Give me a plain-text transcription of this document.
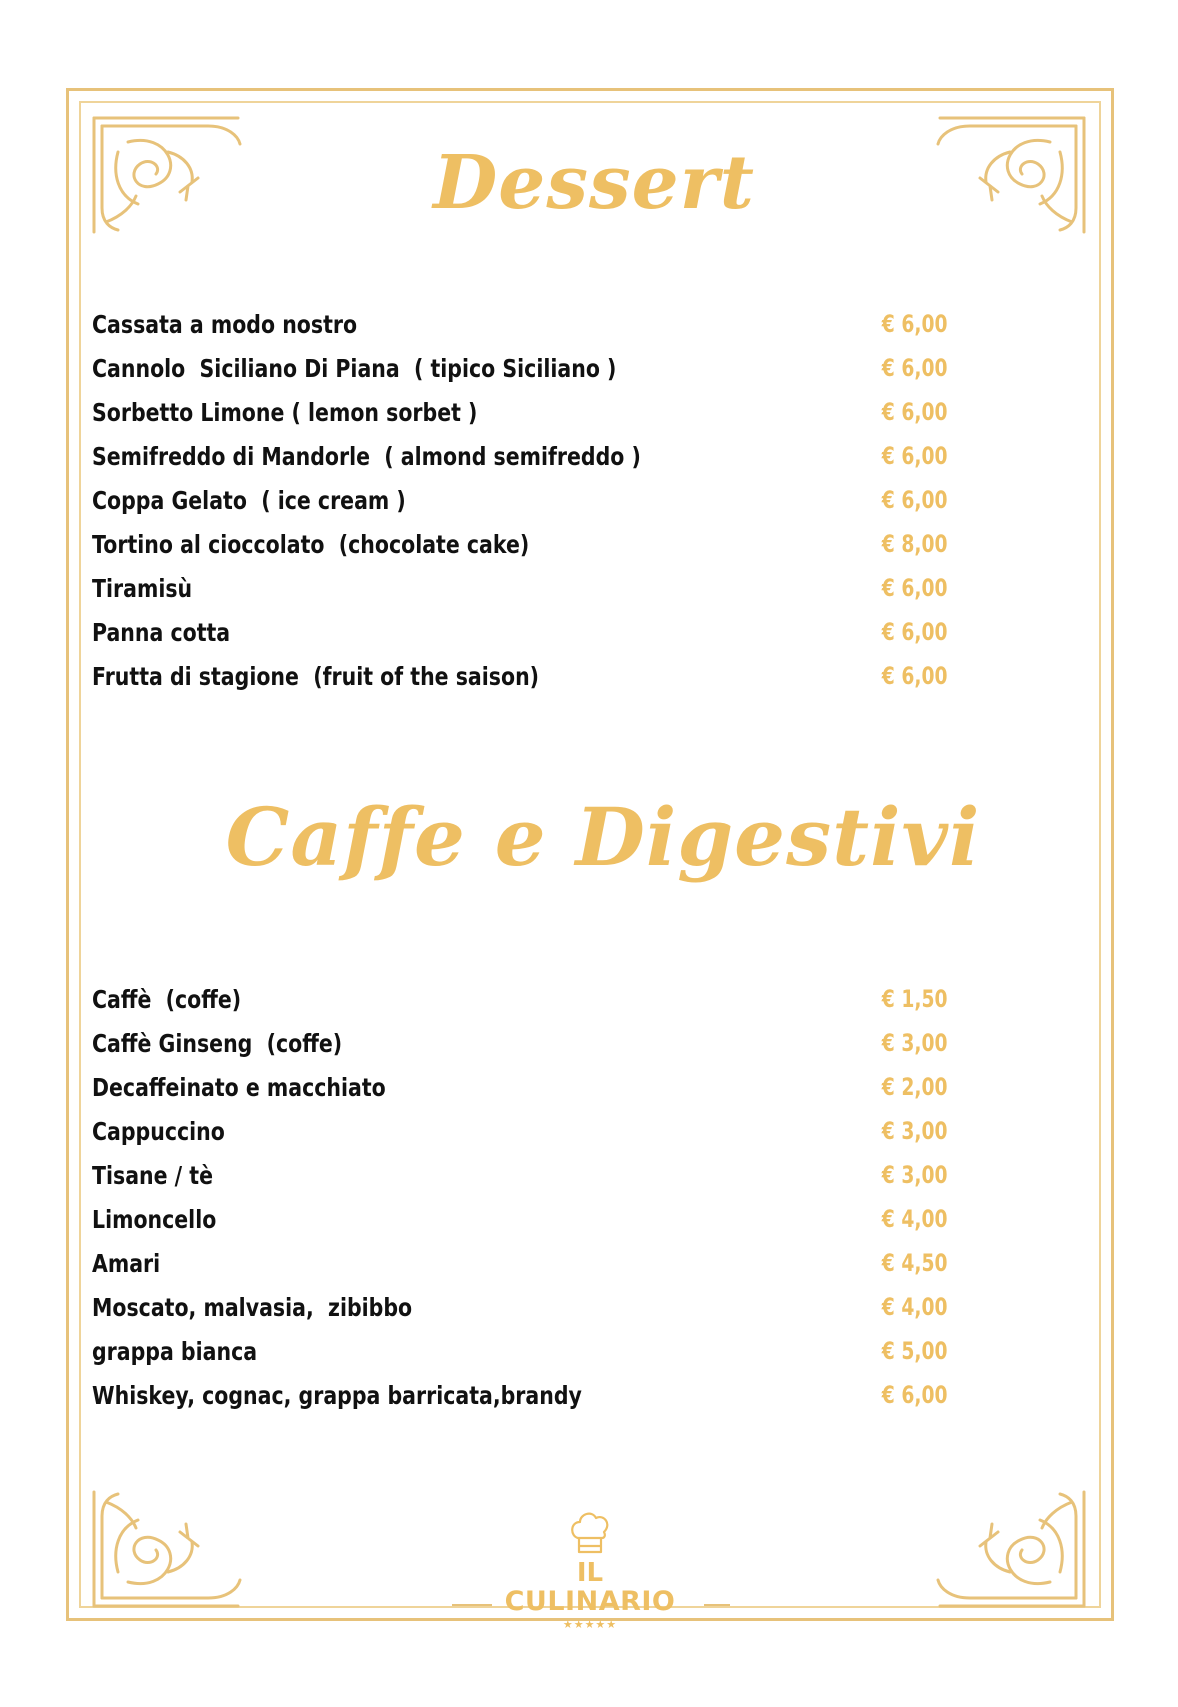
Dessert
Cassata a modo nostro	€ 6,00
Cannolo  Siciliano Di Piana  ( tipico Siciliano )	€ 6,00
Sorbetto Limone ( lemon sorbet )	€ 6,00
Semifreddo di Mandorle  ( almond semifreddo )	€ 6,00
Coppa Gelato  ( ice cream )	€ 6,00
Tortino al cioccolato  (chocolate cake)	€ 8,00
Tiramisù	€ 6,00
Panna cotta	€ 6,00
Frutta di stagione  (fruit of the saison)	€ 6,00
Caffe e Digestivi
Caffè  (coffe)	€ 1,50
Caffè Ginseng  (coffe)	€ 3,00
Decaffeinato e macchiato	€ 2,00
Cappuccino	€ 3,00
Tisane / tè	€ 3,00
Limoncello	€ 4,00
Amari	€ 4,50
Moscato, malvasia,  zibibbo	€ 4,00
grappa bianca	€ 5,00
Whiskey, cognac, grappa barricata,brandy	€ 6,00
IL
CULINARIO
★★★★★
